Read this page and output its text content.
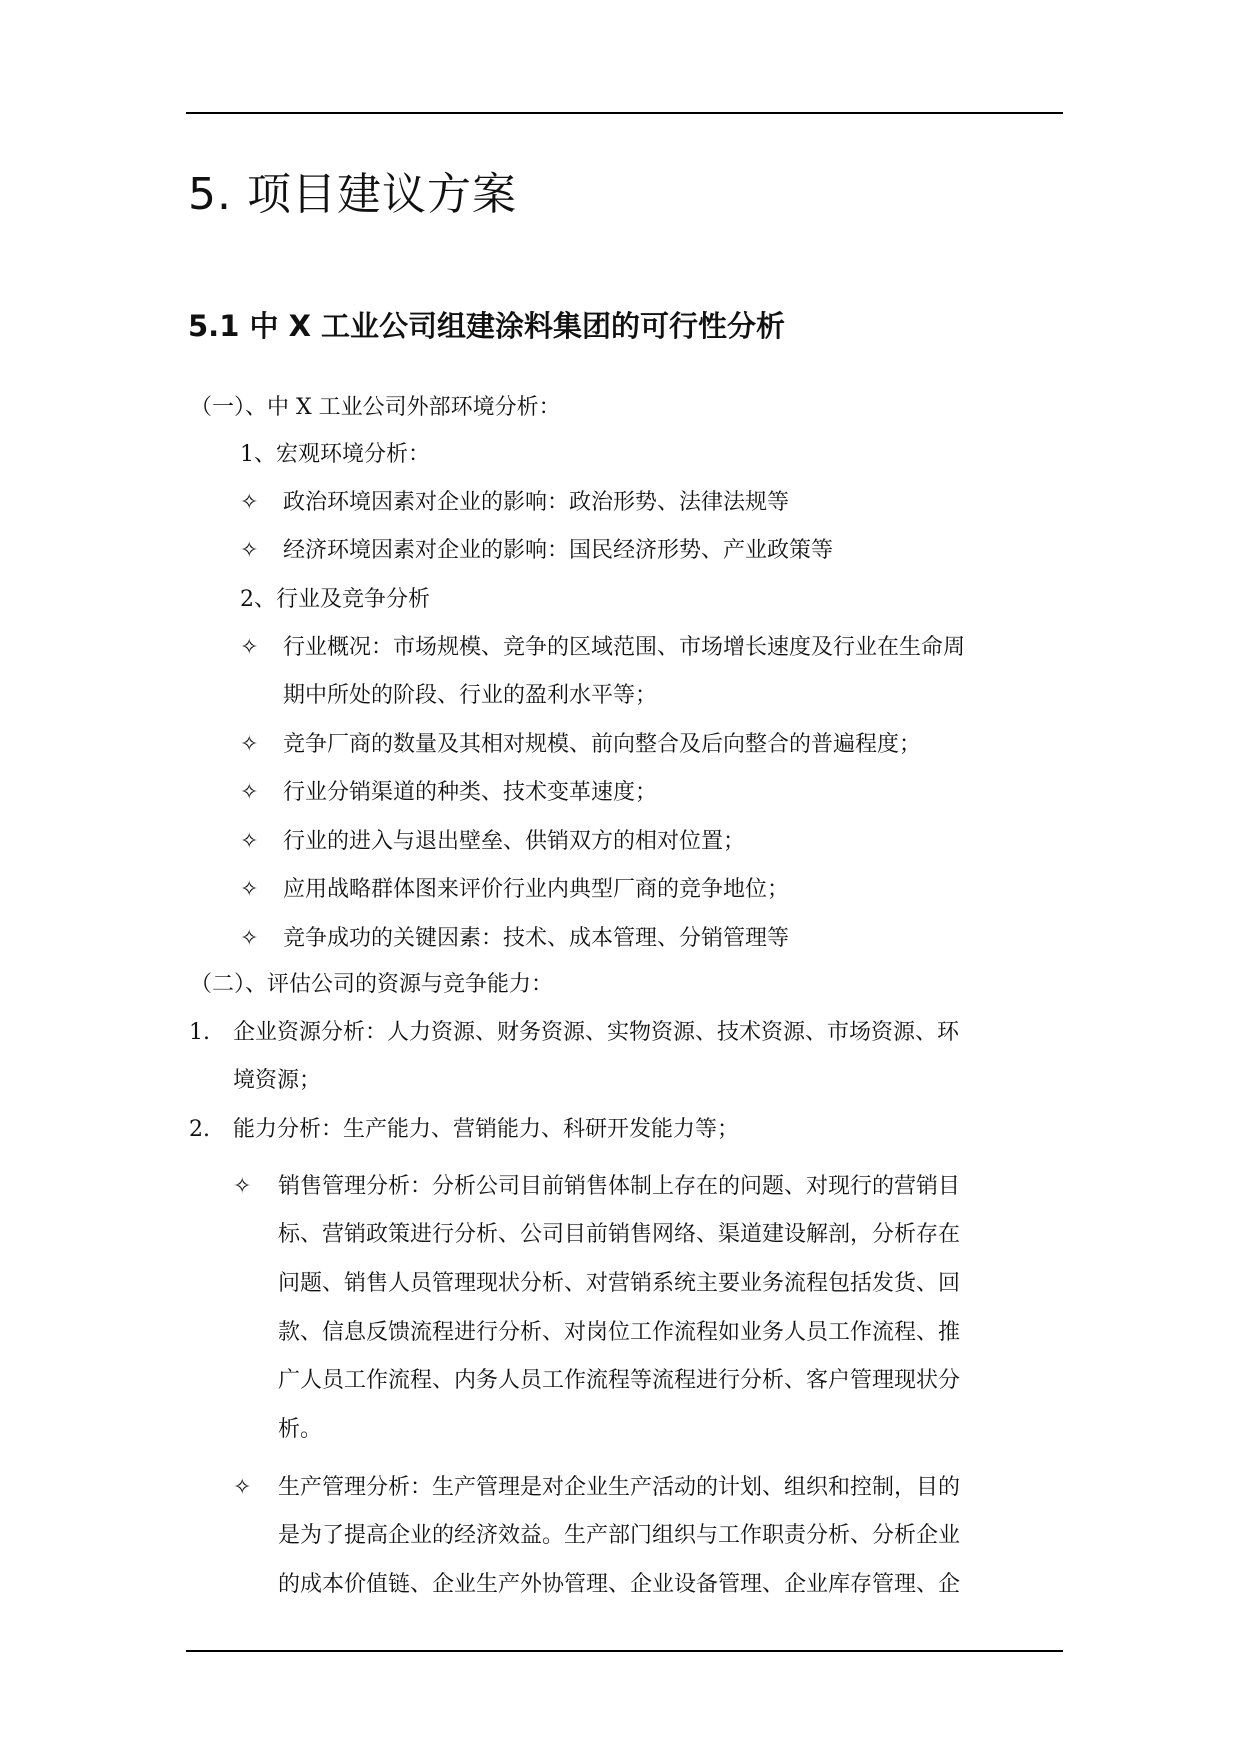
5. 项目建议方案
5.1 中 X 工业公司组建涂料集团的可行性分析
（一）、中 X 工业公司外部环境分析：
1、宏观环境分析：
✧ 政治环境因素对企业的影响：政治形势、法律法规等
✧ 经济环境因素对企业的影响：国民经济形势、产业政策等
2、行业及竞争分析
✧ 行业概况：市场规模、竞争的区域范围、市场增长速度及行业在生命周
期中所处的阶段、行业的盈利水平等；
✧ 竞争厂商的数量及其相对规模、前向整合及后向整合的普遍程度；
✧ 行业分销渠道的种类、技术变革速度；
✧ 行业的进入与退出壁垒、供销双方的相对位置；
✧ 应用战略群体图来评价行业内典型厂商的竞争地位；
✧ 竞争成功的关键因素：技术、成本管理、分销管理等
（二）、评估公司的资源与竞争能力：
1. 企业资源分析：人力资源、财务资源、实物资源、技术资源、市场资源、环
境资源；
2. 能力分析：生产能力、营销能力、科研开发能力等；
✧ 销售管理分析：分析公司目前销售体制上存在的问题、对现行的营销目
标、营销政策进行分析、公司目前销售网络、渠道建设解剖，分析存在
问题、销售人员管理现状分析、对营销系统主要业务流程包括发货、回
款、信息反馈流程进行分析、对岗位工作流程如业务人员工作流程、推
广人员工作流程、内务人员工作流程等流程进行分析、客户管理现状分
析。
✧ 生产管理分析：生产管理是对企业生产活动的计划、组织和控制，目的
是为了提高企业的经济效益。生产部门组织与工作职责分析、分析企业
的成本价值链、企业生产外协管理、企业设备管理、企业库存管理、企
